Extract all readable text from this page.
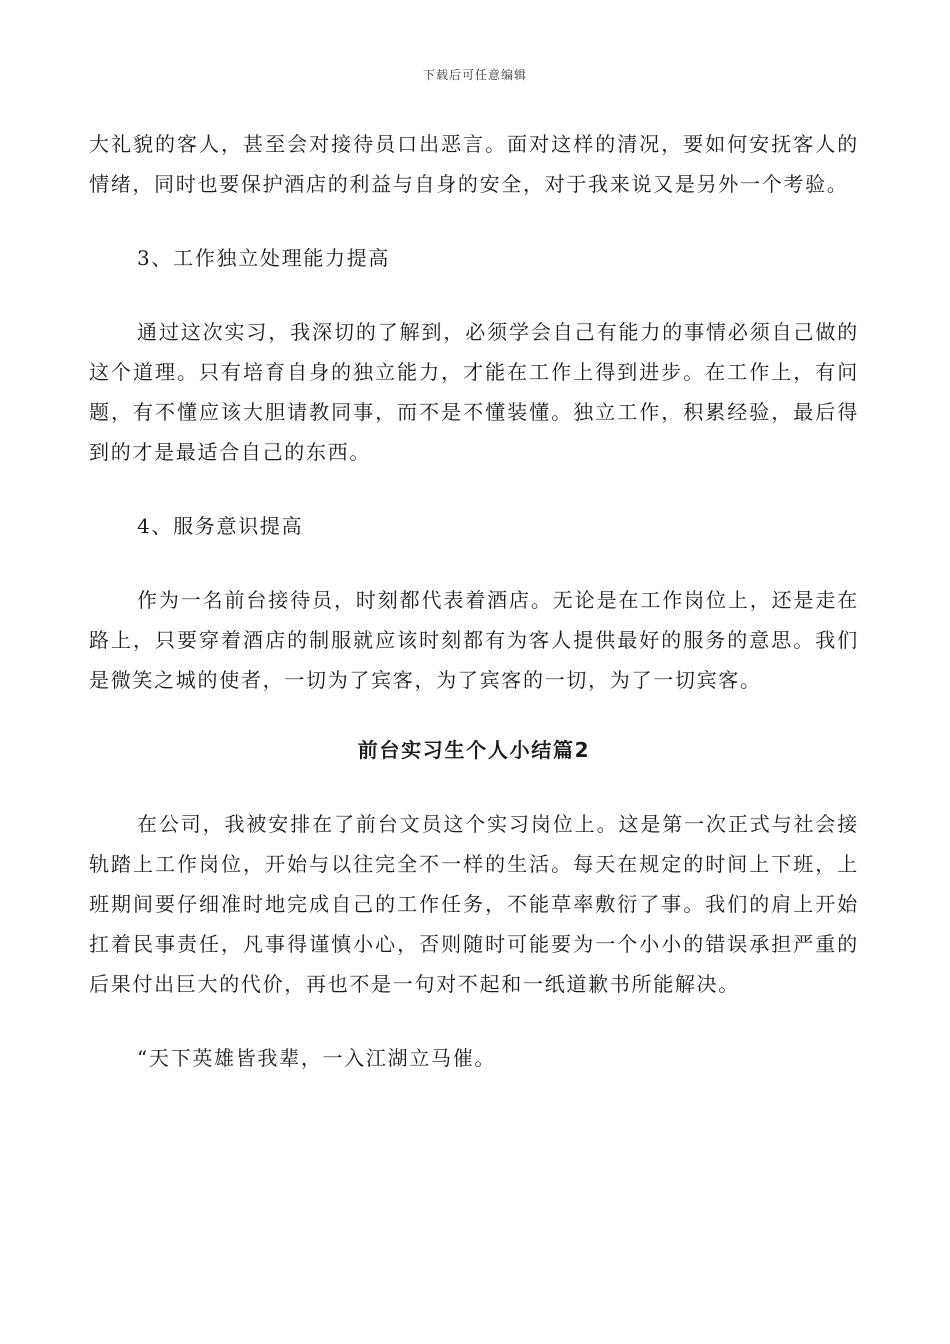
下载后可任意编辑

大礼貌的客人，甚至会对接待员口出恶言。面对这样的清况，要如何安抚客人的情绪，同时也要保护酒店的利益与自身的安全，对于我来说又是另外一个考验。

3、工作独立处理能力提高

通过这次实习，我深切的了解到，必须学会自己有能力的事情必须自己做的这个道理。只有培育自身的独立能力，才能在工作上得到进步。在工作上，有问题，有不懂应该大胆请教同事，而不是不懂装懂。独立工作，积累经验，最后得到的才是最适合自己的东西。

4、服务意识提高

作为一名前台接待员，时刻都代表着酒店。无论是在工作岗位上，还是走在路上，只要穿着酒店的制服就应该时刻都有为客人提供最好的服务的意思。我们是微笑之城的使者，一切为了宾客，为了宾客的一切，为了一切宾客。

前台实习生个人小结篇2

在公司，我被安排在了前台文员这个实习岗位上。这是第一次正式与社会接轨踏上工作岗位，开始与以往完全不一样的生活。每天在规定的时间上下班，上班期间要仔细准时地完成自己的工作任务，不能草率敷衍了事。我们的肩上开始扛着民事责任，凡事得谨慎小心，否则随时可能要为一个小小的错误承担严重的后果付出巨大的代价，再也不是一句对不起和一纸道歉书所能解决。

“天下英雄皆我辈，一入江湖立马催。
